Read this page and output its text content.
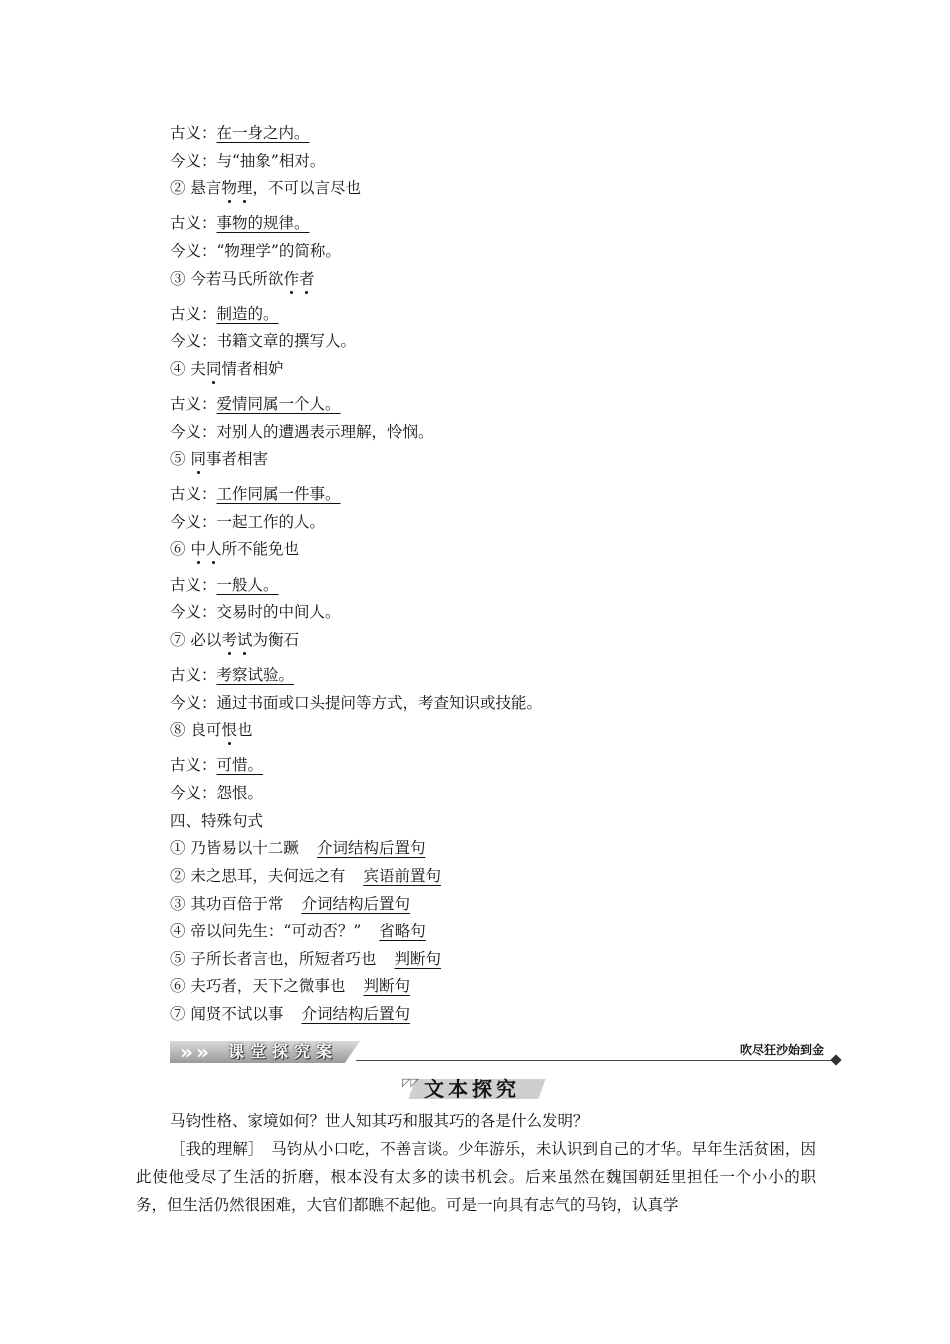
古义：在一身之内。
今义：与“抽象”相对。
② 悬言物理，不可以言尽也
古义：事物的规律。
今义：“物理学”的简称。
③ 今若马氏所欲作者
古义：制造的。
今义：书籍文章的撰写人。
④ 夫同情者相妒
古义：爱情同属一个人。
今义：对别人的遭遇表示理解，怜悯。
⑤ 同事者相害
古义：工作同属一件事。
今义：一起工作的人。
⑥ 中人所不能免也
古义：一般人。
今义：交易时的中间人。
⑦ 必以考试为衡石
古义：考察试验。
今义：通过书面或口头提问等方式，考查知识或技能。
⑧ 良可恨也
古义：可惜。
今义：怨恨。
四、特殊句式
① 乃皆易以十二蹶 介词结构后置句
② 未之思耳，夫何远之有 宾语前置句
③ 其功百倍于常 介词结构后置句
④ 帝以问先生：“可动否？” 省略句
⑤ 子所长者言也，所短者巧也 判断句
⑥ 夫巧者，天下之微事也 判断句
⑦ 闻贤不试以事 介词结构后置句
» » 课堂探究案	吹尽狂沙始到金
◸◸ 文本探究
马钧性格、家境如何？世人知其巧和服其巧的各是什么发明？
［我的理解］　马钧从小口吃，不善言谈。少年游乐，未认识到自己的才华。早年生活贫困，因此使他受尽了生活的折磨，根本没有太多的读书机会。后来虽然在魏国朝廷里担任一个小小的职务，但生活仍然很困难，大官们都瞧不起他。可是一向具有志气的马钧，认真学
